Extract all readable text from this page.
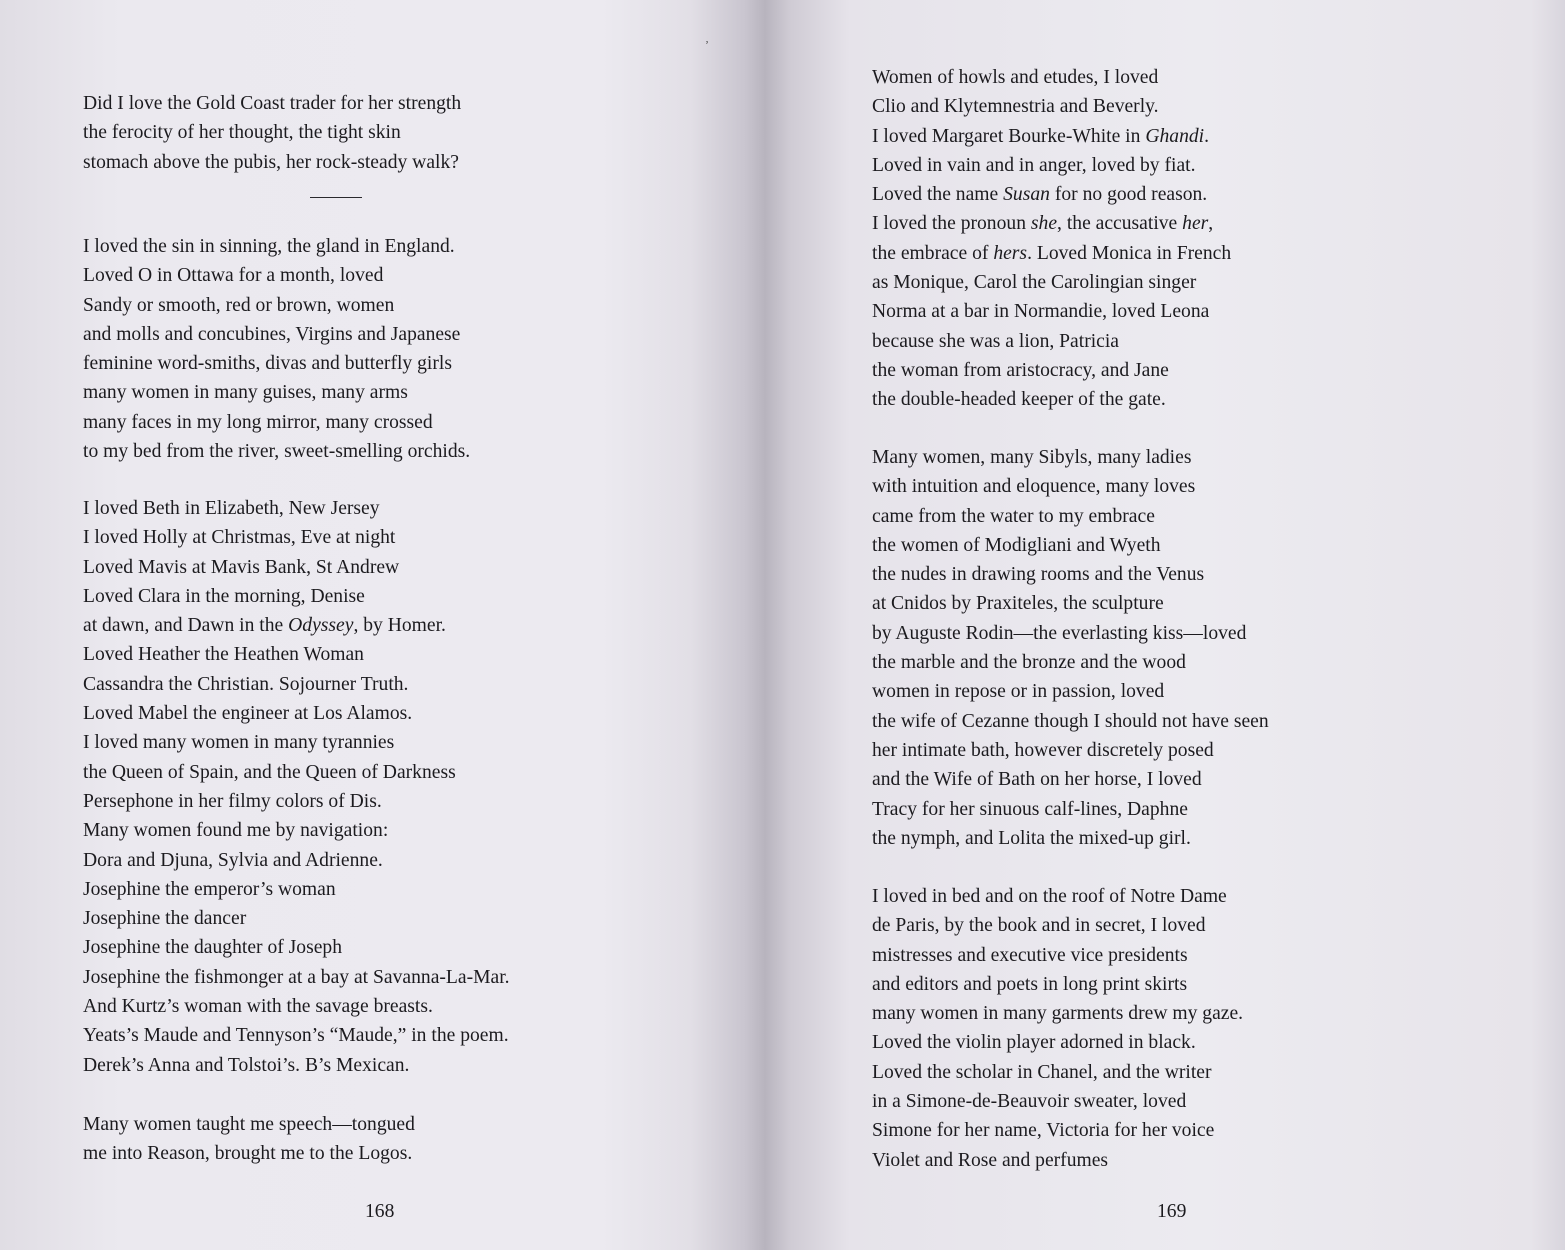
Did I love the Gold Coast trader for her strength
the ferocity of her thought, the tight skin
stomach above the pubis, her rock-steady walk?
I loved the sin in sinning, the gland in England.
Loved O in Ottawa for a month, loved
Sandy or smooth, red or brown, women
and molls and concubines, Virgins and Japanese
feminine word-smiths, divas and butterfly girls
many women in many guises, many arms
many faces in my long mirror, many crossed
to my bed from the river, sweet-smelling orchids.
I loved Beth in Elizabeth, New Jersey
I loved Holly at Christmas, Eve at night
Loved Mavis at Mavis Bank, St Andrew
Loved Clara in the morning, Denise
at dawn, and Dawn in the Odyssey, by Homer.
Loved Heather the Heathen Woman
Cassandra the Christian. Sojourner Truth.
Loved Mabel the engineer at Los Alamos.
I loved many women in many tyrannies
the Queen of Spain, and the Queen of Darkness
Persephone in her filmy colors of Dis.
Many women found me by navigation:
Dora and Djuna, Sylvia and Adrienne.
Josephine the emperor’s woman
Josephine the dancer
Josephine the daughter of Joseph
Josephine the fishmonger at a bay at Savanna-La-Mar.
And Kurtz’s woman with the savage breasts.
Yeats’s Maude and Tennyson’s “Maude,” in the poem.
Derek’s Anna and Tolstoi’s. B’s Mexican.
Many women taught me speech—tongued
me into Reason, brought me to the Logos.
168
ʼ
Women of howls and etudes, I loved
Clio and Klytemnestria and Beverly.
I loved Margaret Bourke-White in Ghandi.
Loved in vain and in anger, loved by fiat.
Loved the name Susan for no good reason.
I loved the pronoun she, the accusative her,
the embrace of hers. Loved Monica in French
as Monique, Carol the Carolingian singer
Norma at a bar in Normandie, loved Leona
because she was a lion, Patricia
the woman from aristocracy, and Jane
the double-headed keeper of the gate.
Many women, many Sibyls, many ladies
with intuition and eloquence, many loves
came from the water to my embrace
the women of Modigliani and Wyeth
the nudes in drawing rooms and the Venus
at Cnidos by Praxiteles, the sculpture
by Auguste Rodin—the everlasting kiss—loved
the marble and the bronze and the wood
women in repose or in passion, loved
the wife of Cezanne though I should not have seen
her intimate bath, however discretely posed
and the Wife of Bath on her horse, I loved
Tracy for her sinuous calf-lines, Daphne
the nymph, and Lolita the mixed-up girl.
I loved in bed and on the roof of Notre Dame
de Paris, by the book and in secret, I loved
mistresses and executive vice presidents
and editors and poets in long print skirts
many women in many garments drew my gaze.
Loved the violin player adorned in black.
Loved the scholar in Chanel, and the writer
in a Simone-de-Beauvoir sweater, loved
Simone for her name, Victoria for her voice
Violet and Rose and perfumes
169
